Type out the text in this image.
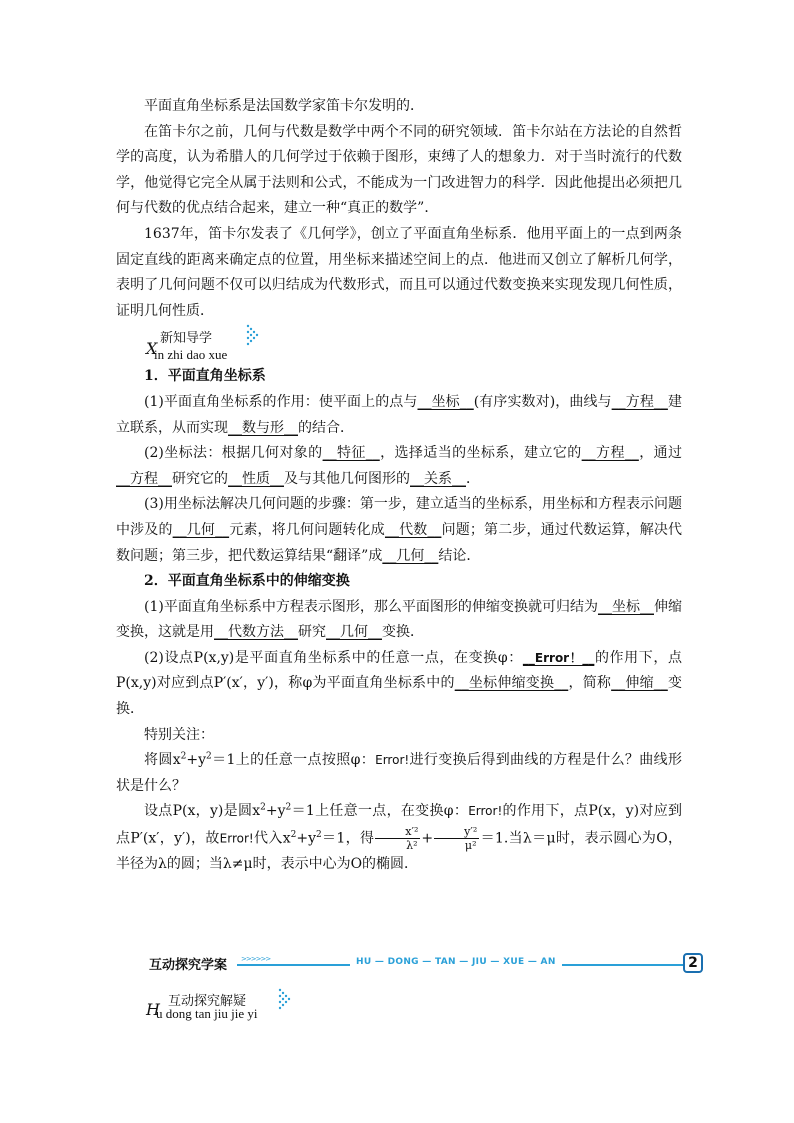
平面直角坐标系是法国数学家笛卡尔发明的．

在笛卡尔之前，几何与代数是数学中两个不同的研究领域．笛卡尔站在方法论的自然哲学的高度，认为希腊人的几何学过于依赖于图形，束缚了人的想象力．对于当时流行的代数学，他觉得它完全从属于法则和公式，不能成为一门改进智力的科学．因此他提出必须把几何与代数的优点结合起来，建立一种“真正的数学”．

1637年，笛卡尔发表了《几何学》，创立了平面直角坐标系．他用平面上的一点到两条固定直线的距离来确定点的位置，用坐标来描述空间上的点．他进而又创立了解析几何学，表明了几何问题不仅可以归结成为代数形式，而且可以通过代数变换来实现发现几何性质，证明几何性质．

X
新知导学
in zhi dao xue

1．平面直角坐标系

(1)平面直角坐标系的作用：使平面上的点与__坐标__(有序实数对)，曲线与__方程__建立联系，从而实现__数与形__的结合．

(2)坐标法：根据几何对象的__特征__，选择适当的坐标系，建立它的__方程__，通过__方程__研究它的__性质__及与其他几何图形的__关系__．

(3)用坐标法解决几何问题的步骤：第一步，建立适当的坐标系，用坐标和方程表示问题中涉及的__几何__元素，将几何问题转化成__代数__问题；第二步，通过代数运算，解决代数问题；第三步，把代数运算结果“翻译”成__几何__结论．

2．平面直角坐标系中的伸缩变换

(1)平面直角坐标系中方程表示图形，那么平面图形的伸缩变换就可归结为__坐标__伸缩变换，这就是用__代数方法__研究__几何__变换．

(2)设点P(x,y)是平面直角坐标系中的任意一点，在变换φ：__Error！__的作用下，点P(x,y)对应到点P′(x′，y′)，称φ为平面直角坐标系中的__坐标伸缩变换__，简称__伸缩__变换．

特别关注：

将圆$x^2+y^2=1$上的任意一点按照φ：Error!进行变换后得到曲线的方程是什么？曲线形状是什么？

设点P(x，y)是圆$x^2+y^2=1$上任意一点，在变换φ：Error!的作用下，点P(x，y)对应到点P′(x′，y′)，故Error!代入$x^2+y^2=1$，得 $\frac{\text{x′²}}{\text{λ²}} + \frac{\text{y′²}}{\text{μ²}} =1$.当λ＝μ时，表示圆心为O，半径为λ的圆；当λ≠μ时，表示中心为O的椭圆．

互动探究学案 >>>>>>	HU — DONG — TAN — JIU — XUE — AN	2
H 互动探究解疑
u dong tan jiu jie yi
